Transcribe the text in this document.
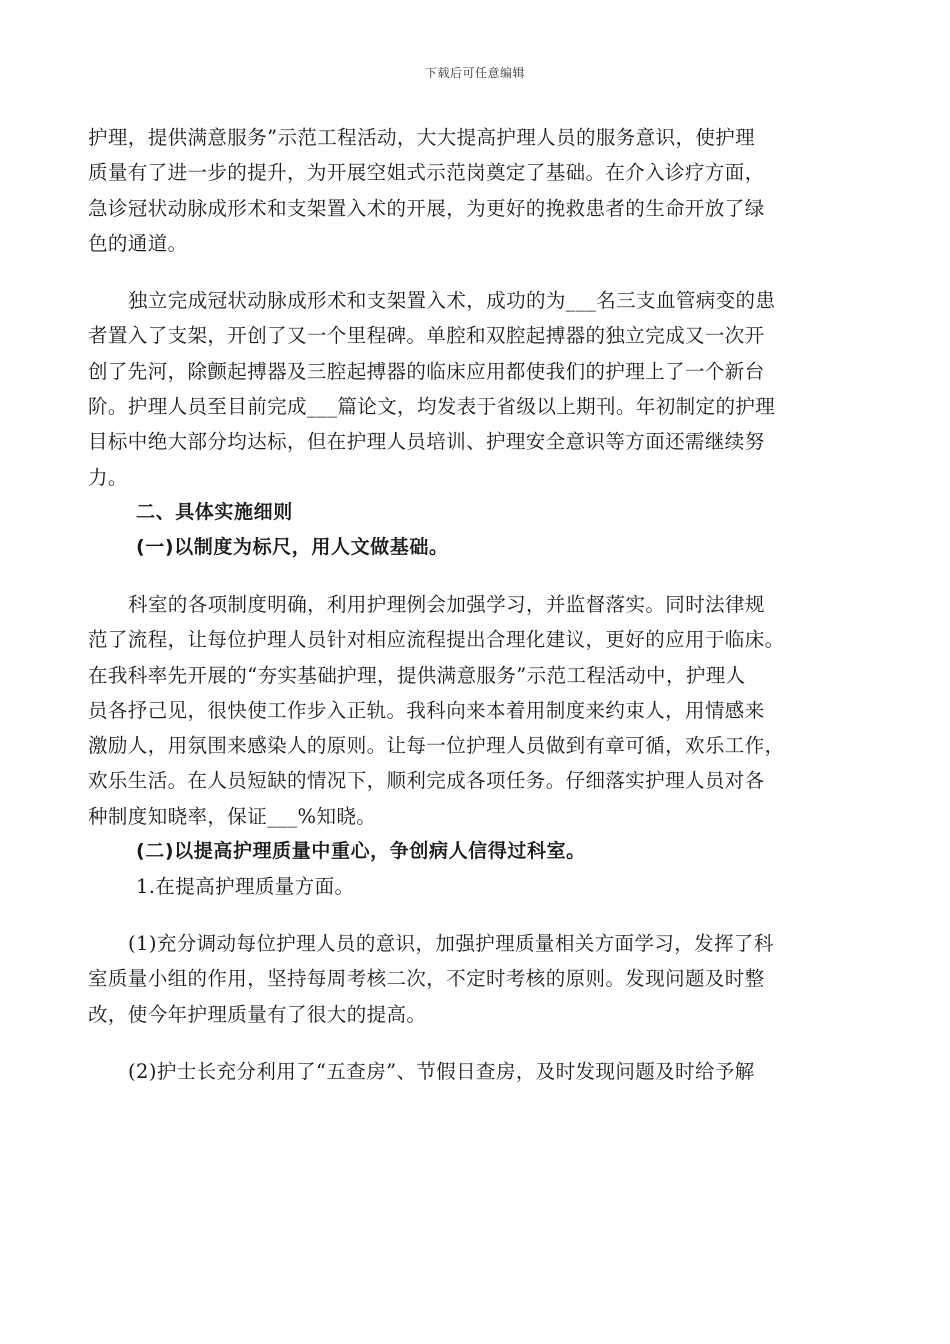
下载后可任意编辑

护理，提供满意服务”示范工程活动，大大提高护理人员的服务意识，使护理
质量有了进一步的提升，为开展空姐式示范岗奠定了基础。在介入诊疗方面，
急诊冠状动脉成形术和支架置入术的开展，为更好的挽救患者的生命开放了绿
色的通道。

独立完成冠状动脉成形术和支架置入术，成功的为___名三支血管病变的患
者置入了支架，开创了又一个里程碑。单腔和双腔起搏器的独立完成又一次开
创了先河，除颤起搏器及三腔起搏器的临床应用都使我们的护理上了一个新台
阶。护理人员至目前完成___篇论文，均发表于省级以上期刊。年初制定的护理
目标中绝大部分均达标，但在护理人员培训、护理安全意识等方面还需继续努
力。

二、具体实施细则

(一)以制度为标尺，用人文做基础。

科室的各项制度明确，利用护理例会加强学习，并监督落实。同时法律规
范了流程，让每位护理人员针对相应流程提出合理化建议，更好的应用于临床。
在我科率先开展的“夯实基础护理，提供满意服务”示范工程活动中，护理人
员各抒己见，很快使工作步入正轨。我科向来本着用制度来约束人，用情感来
激励人，用氛围来感染人的原则。让每一位护理人员做到有章可循，欢乐工作，
欢乐生活。在人员短缺的情况下，顺利完成各项任务。仔细落实护理人员对各
种制度知晓率，保证___%知晓。

(二)以提高护理质量中重心，争创病人信得过科室。

1.在提高护理质量方面。

(1)充分调动每位护理人员的意识，加强护理质量相关方面学习，发挥了科
室质量小组的作用，坚持每周考核二次，不定时考核的原则。发现问题及时整
改，使今年护理质量有了很大的提高。

(2)护士长充分利用了“五查房”、节假日查房，及时发现问题及时给予解
